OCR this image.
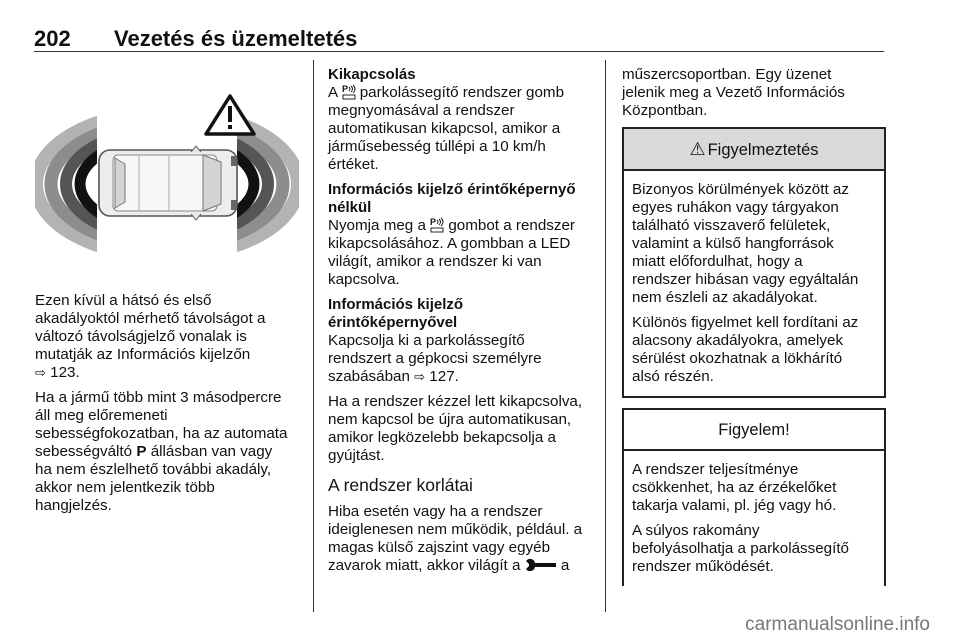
202 Vezetés és üzemeltetés

Ezen kívül a hátsó és első
akadályoktól mérhető távolságot a
változó távolságjelző vonalak is
mutatják az Információs kijelzőn
⇨ 123.

Ha a jármű több mint 3 másodpercre
áll meg előremeneti
sebességfokozatban, ha az automata
sebességváltó P állásban van vagy
ha nem észlelhető további akadály,
akkor nem jelentkezik több
hangjelzés.

Kikapcsolás

A P parkolássegítő rendszer gomb
megnyomásával a rendszer
automatikusan kikapcsol, amikor a
járműsebesség túllépi a 10 km/h
értéket.

Információs kijelző érintőképernyő
nélkül

Nyomja meg a P gombot a rendszer
kikapcsolásához. A gombban a LED
világít, amikor a rendszer ki van
kapcsolva.

Információs kijelző érintőképernyővel

Kapcsolja ki a parkolássegítő
rendszert a gépkocsi személyre
szabásában ⇨ 127.

Ha a rendszer kézzel lett kikapcsolva,
nem kapcsol be újra automatikusan,
amikor legközelebb bekapcsolja a
gyújtást.

A rendszer korlátai

Hiba esetén vagy ha a rendszer
ideiglenesen nem működik, például. a
magas külső zajszint vagy egyéb
zavarok miatt, akkor világít a  a

műszercsoportban. Egy üzenet
jelenik meg a Vezető Információs
Központban.

⚠ Figyelmeztetés

Bizonyos körülmények között az
egyes ruhákon vagy tárgyakon
található visszaverő felületek,
valamint a külső hangforrások
miatt előfordulhat, hogy a
rendszer hibásan vagy egyáltalán
nem észleli az akadályokat.

Különös figyelmet kell fordítani az
alacsony akadályokra, amelyek
sérülést okozhatnak a lökhárító
alsó részén.

Figyelem!

A rendszer teljesítménye
csökkenhet, ha az érzékelőket
takarja valami, pl. jég vagy hó.

A súlyos rakomány
befolyásolhatja a parkolássegítő
rendszer működését.

carmanualsonline.info
